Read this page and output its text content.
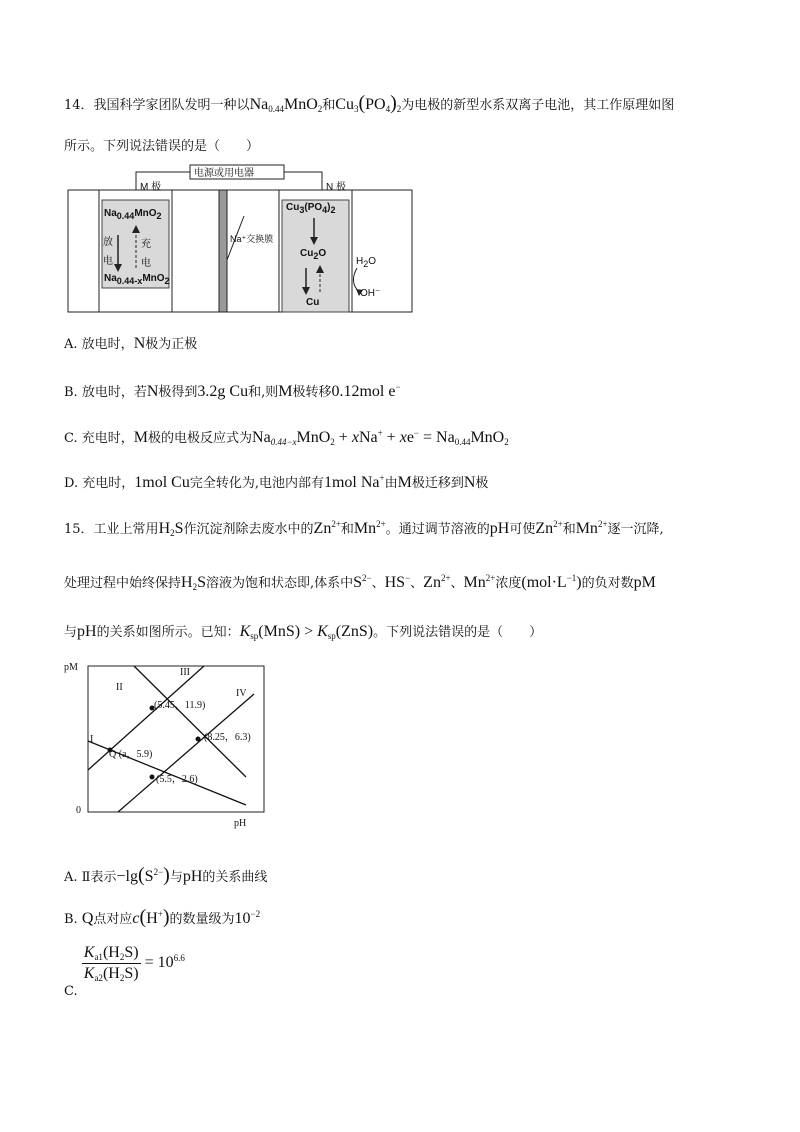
14．我国科学家团队发明一种以$Na_{0.44}MnO_2$和$Cu_3(PO_4)_2$为电极的新型水系双离子电池，其工作原理如图
所示。下列说法错误的是（　　）
电源或用电器
M 极	N 极
$Na_{0.44}MnO_2$
放
电
充
电
$Na_{0.44-x}MnO_2$
Na⁺交换膜
$Cu_3(PO_4)_2$
$Cu_2O$
Cu
$H_2O$
OH⁻
A. 放电时，N极为正极
B. 放电时，若N极得到3.2g Cu和,则M极转移0.12mol e−
C. 充电时，M极的电极反应式为$Na_{0.44-x}MnO_2 + xNa^+ + xe^- = Na_{0.44}MnO_2$
D. 充电时，1mol Cu完全转化为,电池内部有1mol Na+由M极迁移到N极
15．工业上常用$H_2S$作沉淀剂除去废水中的$Zn^{2+}$和$Mn^{2+}$。通过调节溶液的pH可使$Zn^{2+}$和$Mn^{2+}$逐一沉降,
处理过程中始终保持$H_2S$溶液为饱和状态即,体系中$S^{2-}$、HS−、$Zn^{2+}$、$Mn^{2+}$浓度$(mol\cdot L^{-1})$的负对数pM
与pH的关系如图所示。已知：$K_{sp}(MnS) > K_{sp}(ZnS)$。下列说法错误的是（　　）
pM
pH
0
I
II
III
IV
(5.45，11.9)
(8.25，6.3)
Q (a，5.9)
(5.5，2.6)
A. Ⅱ表示$-\lg(S^{2-})$与pH的关系曲线
B. Q点对应c(H+)的数量级为$10^{-2}$
C.
$\frac{K_{a1}(H_2S)}{K_{a2}(H_2S)} = 10^{6.6}$
